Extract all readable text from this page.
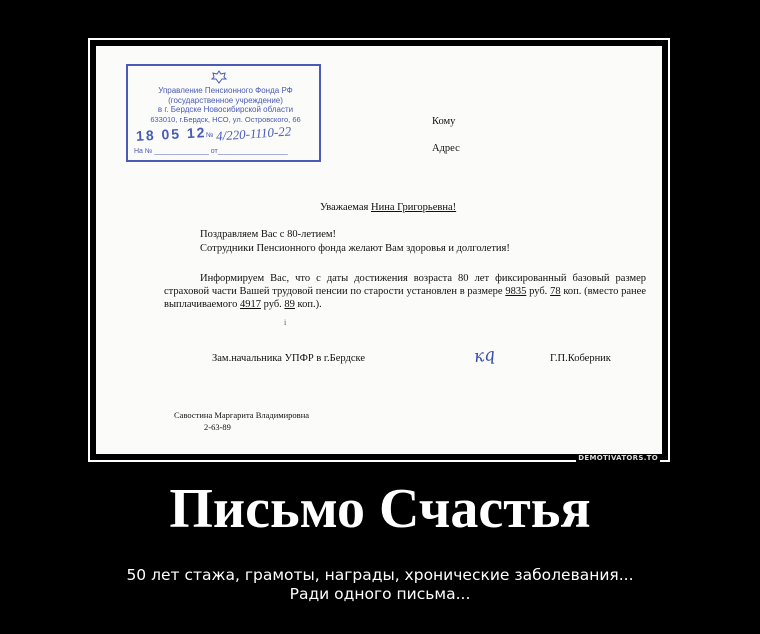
Управление Пенсионного Фонда РФ
(государственное учреждение)
в г. Бердске Новосибирской области
633010, г.Бердск, НСО, ул. Островского, 66
18 05 12 № 4/220-1110-22
На № ______________ от__________________
Кому
Адрес
Уважаемая Нина Григорьевна!
Поздравляем Вас с 80-летием!
Сотрудники Пенсионного фонда желают Вам здоровья и долголетия!
Информируем Вас, что с даты достижения возраста 80 лет фиксированный базовый размер страховой части Вашей трудовой пенсии по старости установлен в размере 9835 руб. 78 коп. (вместо ранее выплачиваемого 4917 руб. 89 коп.).
i
Зам.начальника УПФР в г.Бердске	кq	Г.П.Коберник
Савостина Маргарита Владимировна
2-63-89
DEMOTIVATORS.TO
Письмо Счастья
50 лет стажа, грамоты, награды, хронические заболевания...
Ради одного письма...
